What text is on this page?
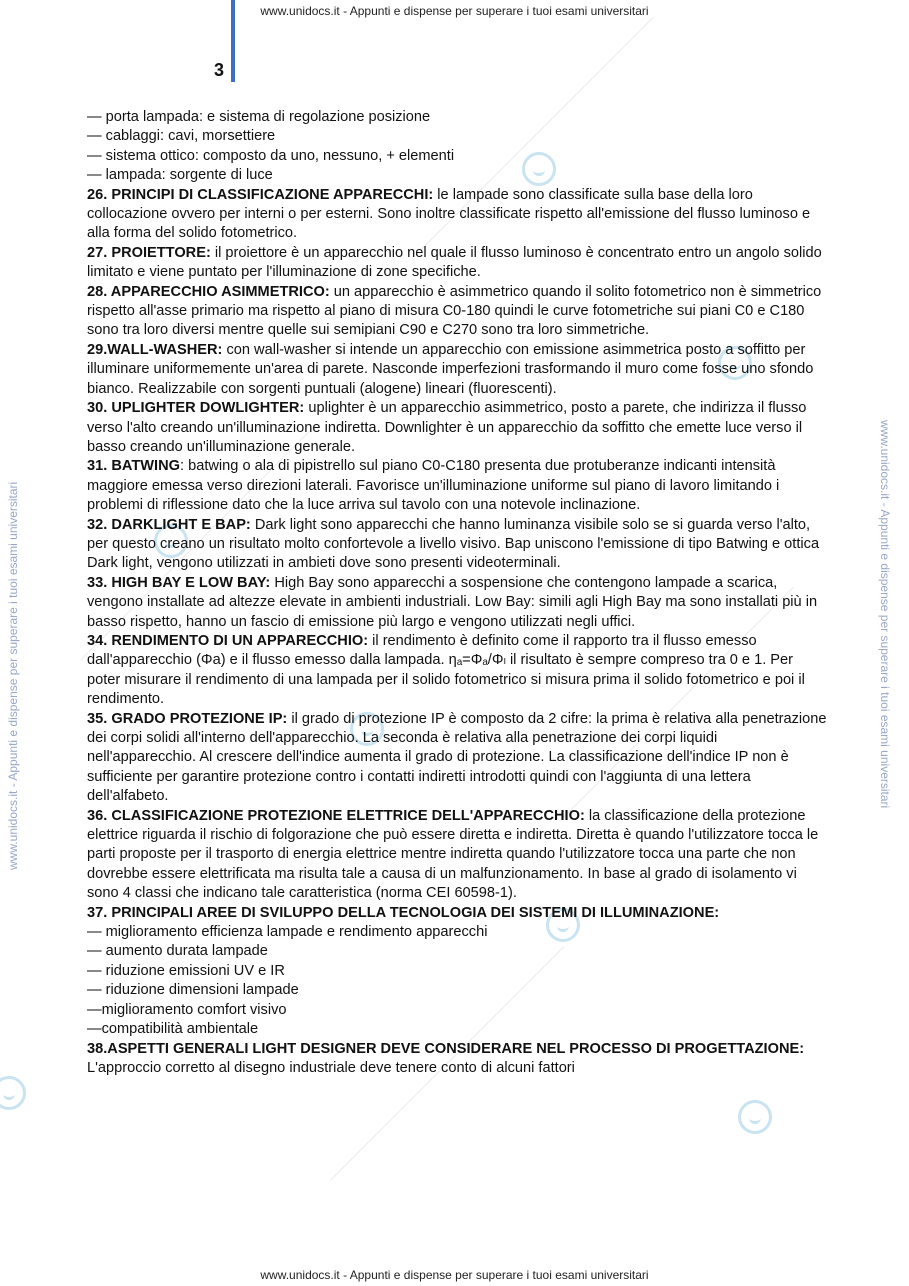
www.unidocs.it - Appunti e dispense per superare i tuoi esami universitari
www.unidocs.it - Appunti e dispense per superare i tuoi esami universitari
www.unidocs.it - Appunti e dispense per superare i tuoi esami universitari	www.unidocs.it - Appunti e dispense per superare i tuoi esami universitari
3

— porta lampada: e sistema di regolazione posizione

— cablaggi: cavi, morsettiere

— sistema ottico: composto da uno, nessuno, + elementi

— lampada: sorgente di luce

26. PRINCIPI DI CLASSIFICAZIONE APPARECCHI: le lampade sono classificate sulla base della loro collocazione ovvero per interni o per esterni. Sono inoltre classificate rispetto all'emissione del flusso luminoso e alla forma del solido fotometrico.

27. PROIETTORE: il proiettore è un apparecchio nel quale il flusso luminoso è concentrato entro un angolo solido limitato e viene puntato per l'illuminazione di zone specifiche.

28. APPARECCHIO ASIMMETRICO: un apparecchio è asimmetrico quando il solito fotometrico non è simmetrico rispetto all'asse primario ma rispetto al piano di misura C0-180 quindi le curve fotometriche sui piani C0 e C180 sono tra loro diversi mentre quelle sui semipiani C90 e C270 sono tra loro simmetriche.

29.WALL-WASHER: con wall-washer si intende un apparecchio con emissione asimmetrica posto a soffitto per illuminare uniformemente un'area di parete. Nasconde imperfezioni trasformando il muro come fosse uno sfondo bianco. Realizzabile con sorgenti puntuali (alogene) lineari (fluorescenti).

30. UPLIGHTER DOWLIGHTER: uplighter è un apparecchio asimmetrico, posto a parete, che indirizza il flusso verso l'alto creando un'illuminazione indiretta. Downlighter è un apparecchio da soffitto che emette luce verso il basso creando un'illuminazione generale.

31. BATWING: batwing o ala di pipistrello sul piano C0-C180 presenta due protuberanze indicanti intensità maggiore emessa verso direzioni laterali. Favorisce un'illuminazione uniforme sul piano di lavoro limitando i problemi di riflessione dato che la luce arriva sul tavolo con una notevole inclinazione.

32. DARKLIGHT E BAP: Dark light sono apparecchi che hanno luminanza visibile solo se si guarda verso l'alto, per questo creano un risultato molto confortevole a livello visivo. Bap uniscono l'emissione di tipo Batwing e ottica Dark light, vengono utilizzati in ambieti dove sono presenti videoterminali.

33. HIGH BAY E LOW BAY: High Bay sono apparecchi a sospensione che contengono lampade a scarica, vengono installate ad altezze elevate in ambienti industriali. Low Bay: simili agli High Bay ma sono installati più in basso rispetto, hanno un fascio di emissione più largo e vengono utilizzati negli uffici.

34. RENDIMENTO DI UN APPARECCHIO: il rendimento è definito come il rapporto tra il flusso emesso dall'apparecchio (Φa) e il flusso emesso dalla lampada. ηₐ=Φₐ/Φₗ il risultato è sempre compreso tra 0 e 1. Per poter misurare il rendimento di una lampada per il solido fotometrico si misura prima il solido fotometrico e poi il rendimento.

35. GRADO PROTEZIONE IP: il grado di protezione IP è composto da 2 cifre: la prima è relativa alla penetrazione dei corpi solidi all'interno dell'apparecchio. La seconda è relativa alla penetrazione dei corpi liquidi nell'apparecchio. Al crescere dell'indice aumenta il grado di protezione. La classificazione dell'indice IP non è sufficiente per garantire protezione contro i contatti indiretti introdotti quindi con l'aggiunta di una lettera dell'alfabeto.

36. CLASSIFICAZIONE PROTEZIONE ELETTRICE DELL'APPARECCHIO: la classificazione della protezione elettrice riguarda il rischio di folgorazione che può essere diretta e indiretta. Diretta è quando l'utilizzatore tocca le parti proposte per il trasporto di energia elettrice mentre indiretta quando l'utilizzatore tocca una parte che non dovrebbe essere elettrificata ma risulta tale a causa di un malfunzionamento. In base al grado di isolamento vi sono 4 classi che indicano tale caratteristica (norma CEI 60598-1).

37. PRINCIPALI AREE DI SVILUPPO DELLA TECNOLOGIA DEI SISTEMI DI ILLUMINAZIONE:

— miglioramento efficienza lampade e rendimento apparecchi

— aumento durata lampade

— riduzione emissioni UV e IR

— riduzione dimensioni lampade

—miglioramento comfort visivo

—compatibilità ambientale

38.ASPETTI GENERALI LIGHT DESIGNER DEVE CONSIDERARE NEL PROCESSO DI PROGETTAZIONE: L'approccio corretto al disegno industriale deve tenere conto di alcuni fattori
